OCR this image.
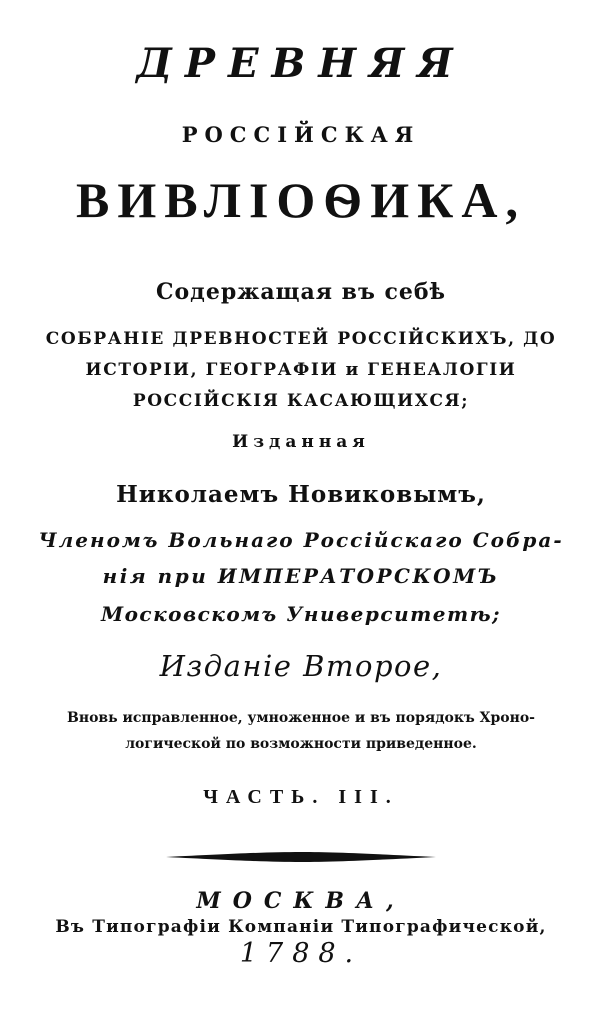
ДРЕВНЯЯ
РОССІЙСКАЯ
ВИВЛІОѲИКА,
Содержащая въ себѣ
СОБРАНІЕ ДРЕВНОСТЕЙ РОССІЙСКИХЪ, ДО
ИСТОРІИ, ГЕОГРАФІИ и ГЕНЕАЛОГІИ
РОССІЙСКІЯ КАСАЮЩИХСЯ;
Изданная
Николаемъ Новиковымъ,
Членомъ Вольнаго Россійскаго Собра-
нія при ИМПЕРАТОРСКОМЪ
Московскомъ Университетѣ;
Изданіе Второе,
Вновь исправленное, умноженное и въ порядокъ Хроно-
логической по возможности приведенное.
ЧАСТЬ. III.
МОСКВА,
Въ Типографіи Компаніи Типографической,
1788.
